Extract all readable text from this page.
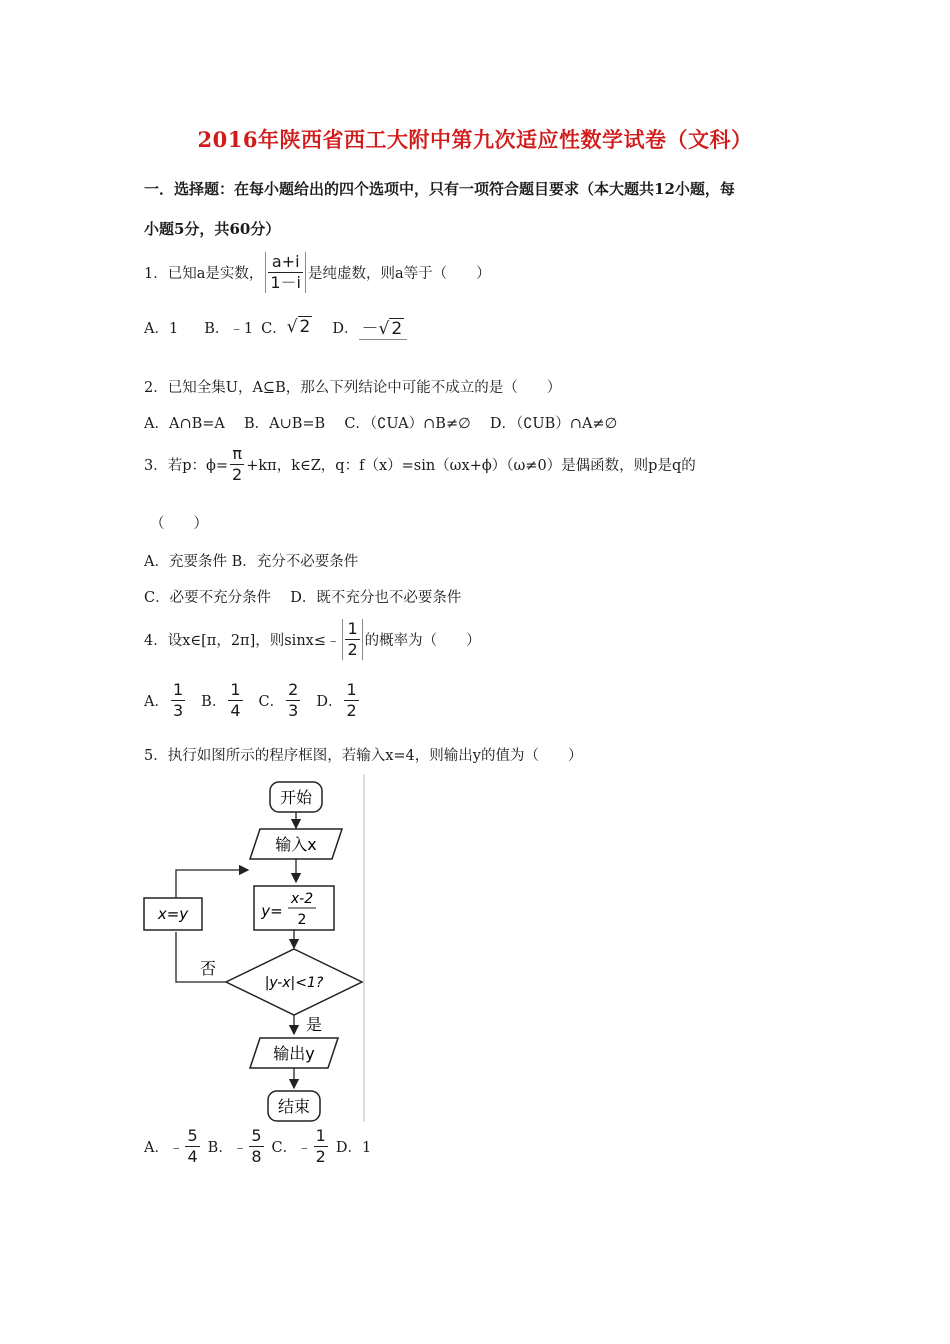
2016年陕西省西工大附中第九次适应性数学试卷（文科）
一．选择题：在每小题给出的四个选项中，只有一项符合题目要求（本大题共12小题，每
小题5分，共60分）
1．已知a是实数， $\frac{a+i}{1-i}$ 是纯虚数，则a等于（　　）
A．1 B．﹣1 C．√ 2 D． －√ 2
2．已知全集U，A⊆B，那么下列结论中可能不成立的是（　　）
A．A∩B=A　 B．A∪B=B　 C．（∁UA）∩B≠∅　 D．（∁UB）∩A≠∅
3．若p：$\phi= \frac{\pi}{2} +k\pi$，k∈Z，q：f（x）=sin（ωx+ϕ）（ω≠0）是偶函数，则p是q的
（　　）
A．充要条件 B．充分不必要条件
C．必要不充分条件　 D．既不充分也不必要条件
4．设x∈[π，2π]，则sinx≤﹣ $\frac{1}{2}$ 的概率为（　　）
A． $\frac{1}{3}$ B． $\frac{1}{4}$ C． $\frac{2}{3}$ D． $\frac{1}{2}$
5．执行如图所示的程序框图，若输入x=4，则输出y的值为（　　）
开始
输入x
y=
x-2
2
|y-x|<1?
否
x=y
是
输出y
结束
A．﹣ $\frac{5}{4}$ B．﹣ $\frac{5}{8}$ C．﹣ $\frac{1}{2}$ D．1
